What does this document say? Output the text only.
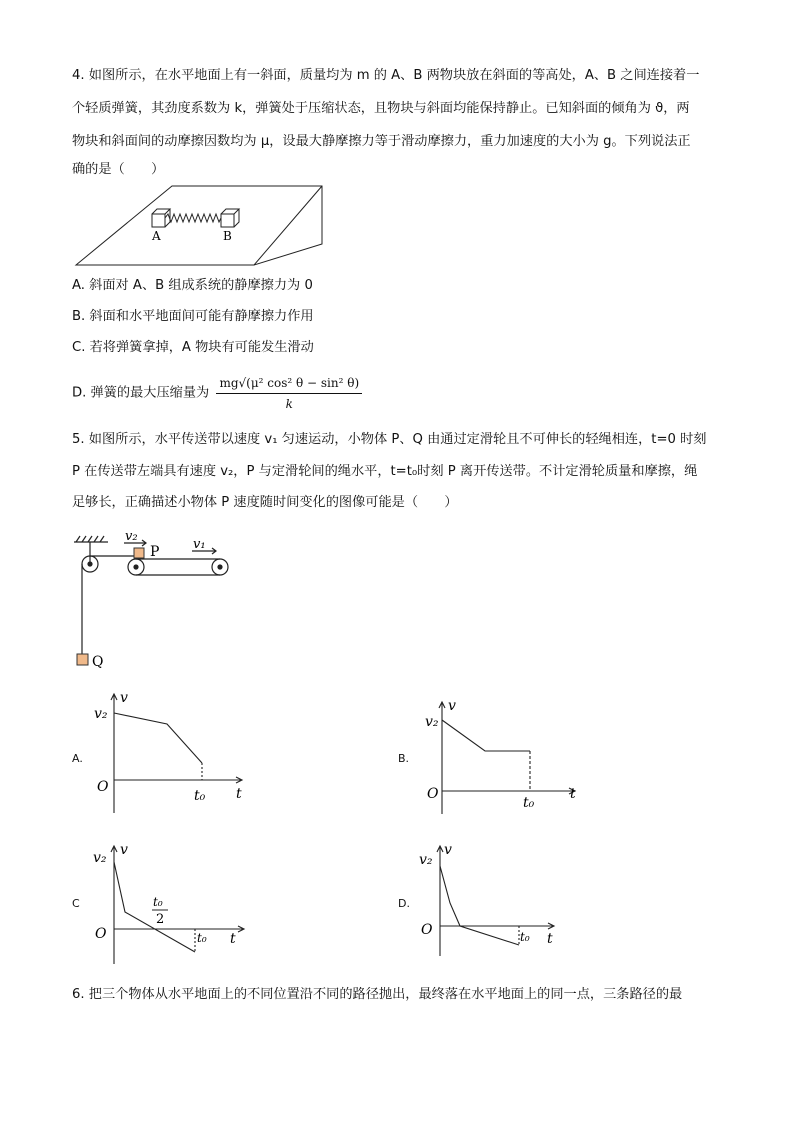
4. 如图所示，在水平地面上有一斜面，质量均为 m 的 A、B 两物块放在斜面的等高处，A、B 之间连接着一
个轻质弹簧，其劲度系数为 k，弹簧处于压缩状态，且物块与斜面均能保持静止。已知斜面的倾角为 ϑ，两
物块和斜面间的动摩擦因数均为 μ，设最大静摩擦力等于滑动摩擦力，重力加速度的大小为 g。下列说法正
确的是（　　）
A	B
A. 斜面对 A、B 组成系统的静摩擦力为 0
B. 斜面和水平地面间可能有静摩擦力作用
C. 若将弹簧拿掉，A 物块有可能发生滑动
D. 弹簧的最大压缩量为 $\frac{\text{mg√(μ² cos² θ − sin² θ)}}{k}$
5. 如图所示，水平传送带以速度 v₁ 匀速运动，小物体 P、Q 由通过定滑轮且不可伸长的轻绳相连，t=0 时刻
P 在传送带左端具有速度 v₂，P 与定滑轮间的绳水平，t=t₀时刻 P 离开传送带。不计定滑轮质量和摩擦，绳
足够长，正确描述小物体 P 速度随时间变化的图像可能是（　　）
v₂
P	v₁
Q
A.
v
v₂
O
t₀ t
B.
v
v₂
O
t₀
t
C
v
v₂
O
t₀
2
t₀ t
D.
v
v₂
O	t₀ t
6. 把三个物体从水平地面上的不同位置沿不同的路径抛出，最终落在水平地面上的同一点，三条路径的最
